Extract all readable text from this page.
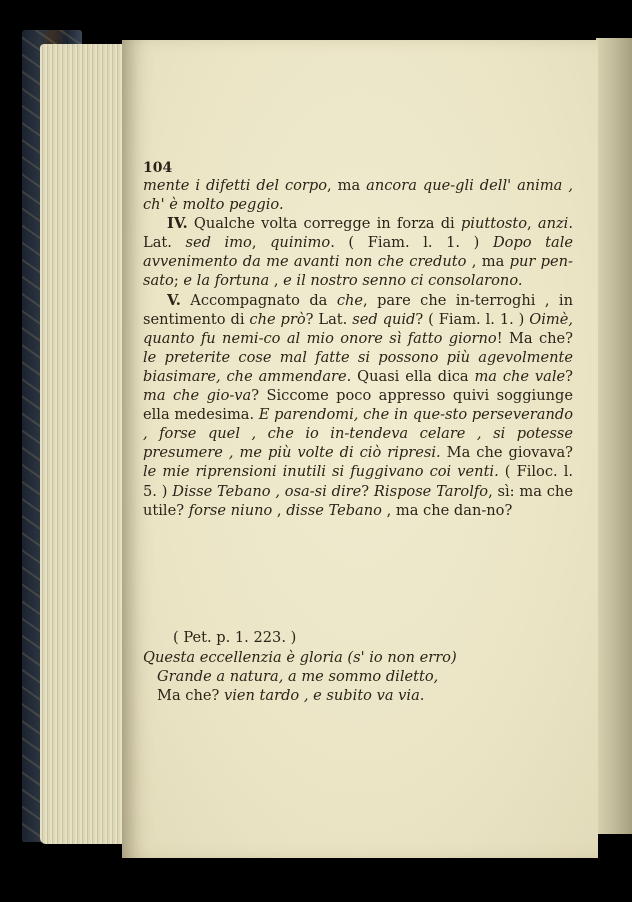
104

mente i difetti del corpo, ma ancora que-gli dell' anima , ch' è molto peggio.

IV. Qualche volta corregge in forza di piuttosto, anzi. Lat. sed imo, quinimo. ( Fiam. l. 1. ) Dopo tale avvenimento da me avanti non che creduto , ma pur pen-sato; e la fortuna , e il nostro senno ci consolarono.

V. Accompagnato da che, pare che in-terroghi , in sentimento di che prò? Lat. sed quid? ( Fiam. l. 1. ) Oimè, quanto fu nemi-co al mio onore sì fatto giorno! Ma che? le preterite cose mal fatte si possono più agevolmente biasimare, che ammendare. Quasi ella dica ma che vale? ma che gio-va? Siccome poco appresso quivi soggiunge ella medesima. E parendomi, che in que-sto perseverando , forse quel , che io in-tendeva celare , si potesse presumere , me più volte di ciò ripresi. Ma che giovava? le mie riprensioni inutili si fuggivano coi venti. ( Filoc. l. 5. ) Disse Tebano , osa-si dire? Rispose Tarolfo, sì: ma che utile? forse niuno , disse Tebano , ma che dan-no?

( Pet. p. 1. 223. )
Questa eccellenzia è gloria (s' io non erro)
Grande a natura, a me sommo diletto,
Ma che? vien tardo , e subito va via.
